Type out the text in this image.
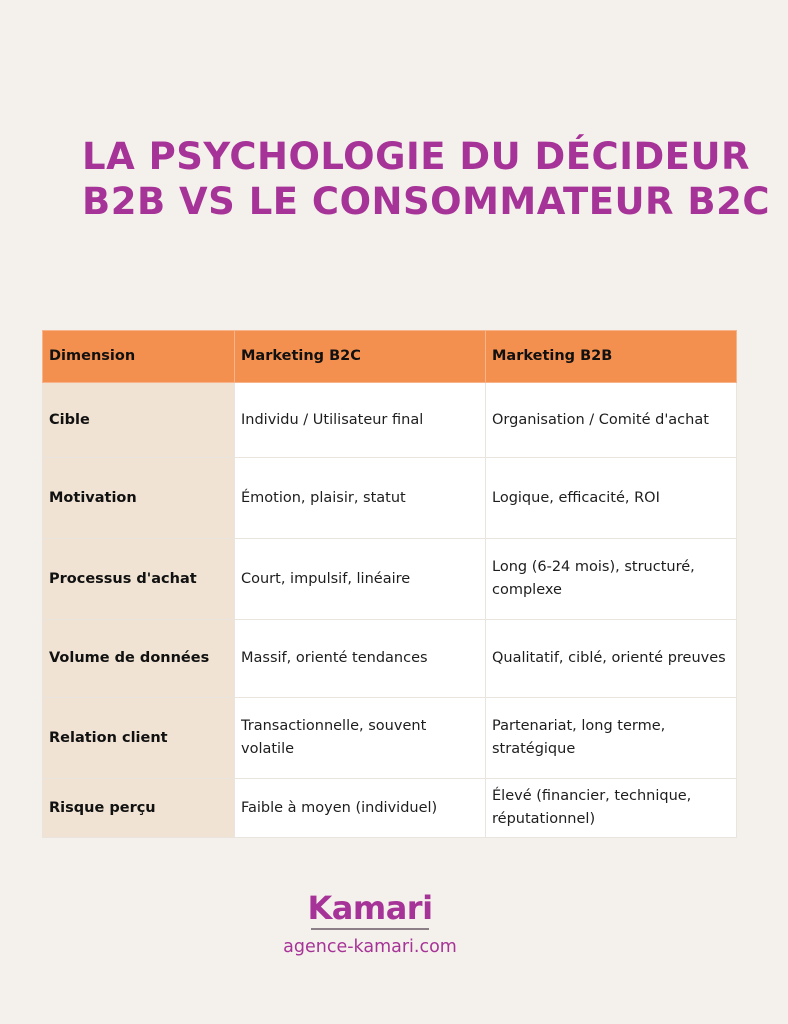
LA PSYCHOLOGIE DU DÉCIDEUR
B2B VS LE CONSOMMATEUR B2C
Dimension	Marketing B2C	Marketing B2B
Cible	Individu / Utilisateur final	Organisation / Comité d'achat
Motivation	Émotion, plaisir, statut	Logique, efficacité, ROI
Processus d'achat	Court, impulsif, linéaire	Long (6-24 mois), structuré, complexe
Volume de données	Massif, orienté tendances	Qualitatif, ciblé, orienté preuves
Relation client	Transactionnelle, souvent volatile	Partenariat, long terme, stratégique
Risque perçu	Faible à moyen (individuel)	Élevé (financier, technique, réputationnel)
Kamari
agence-kamari.com
